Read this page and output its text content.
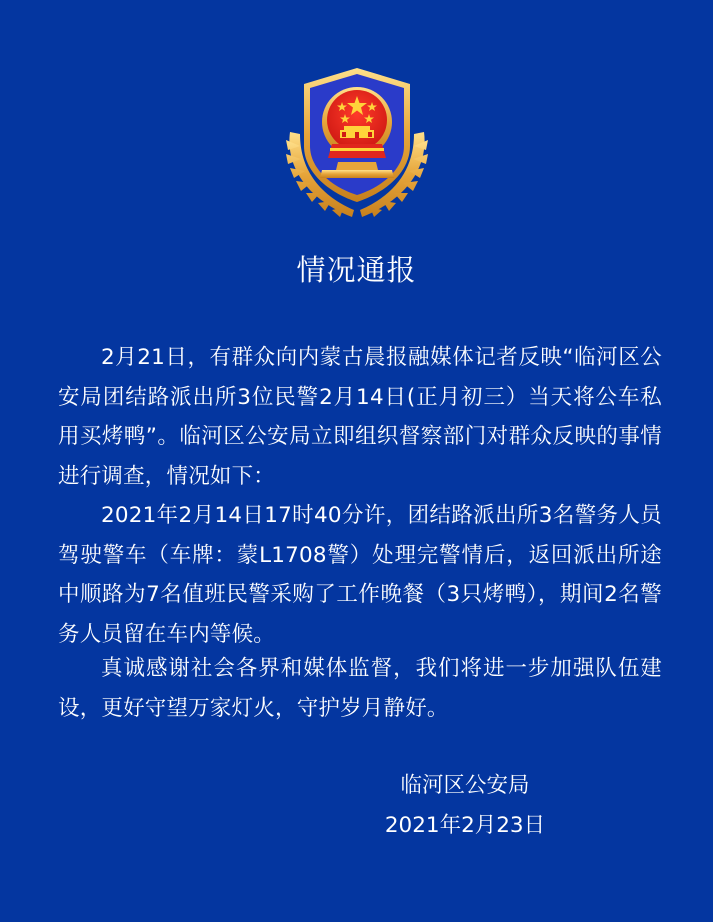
情况通报

2月21日，有群众向内蒙古晨报融媒体记者反映“临河区公安局团结路派出所3位民警2月14日(正月初三）当天将公车私用买烤鸭”。临河区公安局立即组织督察部门对群众反映的事情进行调查，情况如下：

2021年2月14日17时40分许，团结路派出所3名警务人员驾驶警车（车牌：蒙L1708警）处理完警情后，返回派出所途中顺路为7名值班民警采购了工作晚餐（3只烤鸭），期间2名警务人员留在车内等候。

真诚感谢社会各界和媒体监督，我们将进一步加强队伍建设，更好守望万家灯火，守护岁月静好。

临河区公安局
2021年2月23日
